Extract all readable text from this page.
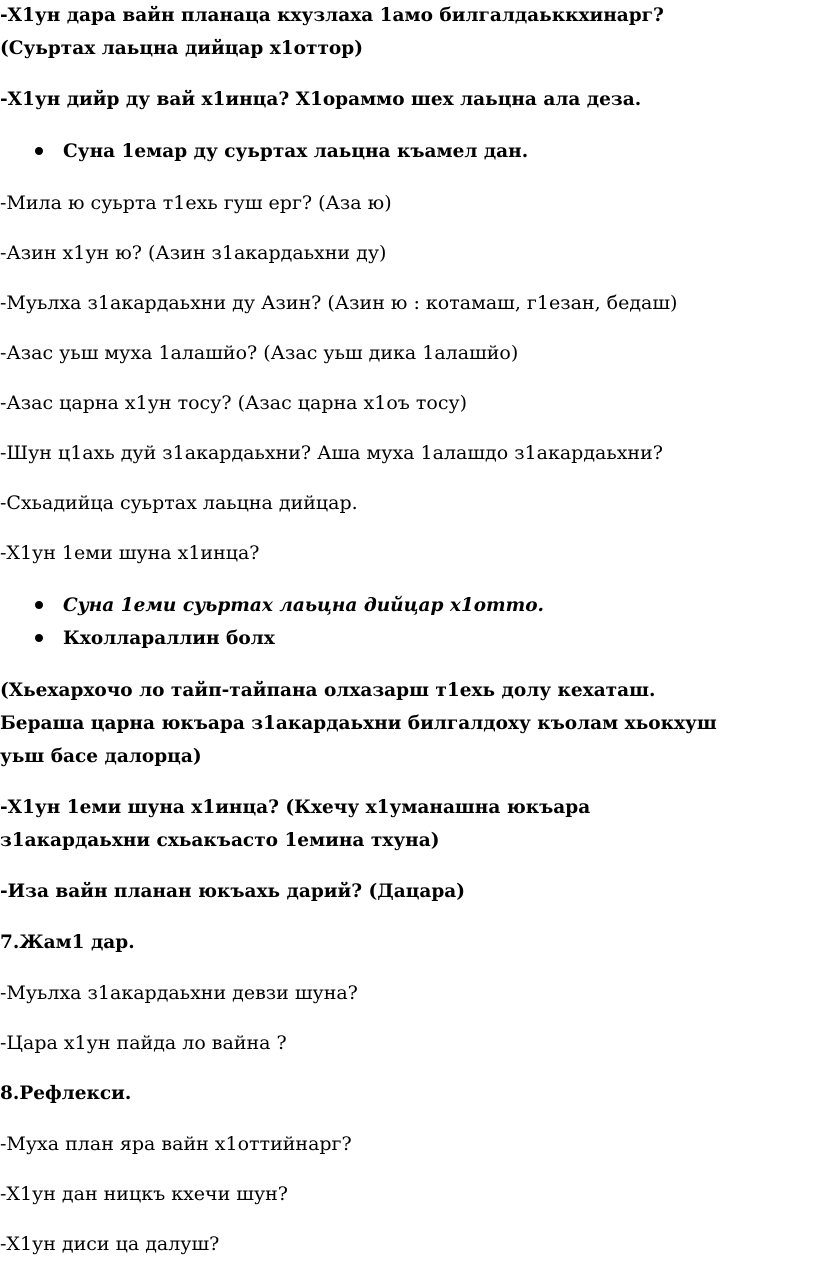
-Х1ун дара вайн планаца кхузлаха 1амо билгалдаьккхинарг?
(Суьртах лаьцна дийцар х1оттор)
-Х1ун дийр ду вай х1инца? Х1ораммо шех лаьцна ала деза.
Суна 1емар ду суьртах лаьцна къамел дан.
-Мила ю суьрта т1ехь гуш ерг? (Аза ю)
-Азин х1ун ю? (Азин з1акардаьхни ду)
-Муьлха з1акардаьхни ду Азин? (Азин ю : котамаш, г1езан, бедаш)
-Азас уьш муха 1алашйо? (Азас уьш дика 1алашйо)
-Азас царна х1ун тосу? (Азас царна х1оъ тосу)
-Шун ц1ахь дуй з1акардаьхни? Аша муха 1алашдо з1акардаьхни?
-Схьадийца суьртах лаьцна дийцар.
-Х1ун 1еми шуна х1инца?
Суна 1еми суьртах лаьцна дийцар х1отто.
Кхоллараллин болх
(Хьехархочо ло тайп-тайпана олхазарш т1ехь долу кехаташ.
Бераша царна юкъара з1акардаьхни билгалдоху къолам хьокхуш
уьш басе далорца)
-Х1ун 1еми шуна х1инца? (Кхечу х1уманашна юкъара
з1акардаьхни схьакъасто 1емина тхуна)
-Иза вайн планан юкъахь дарий? (Дацара)
7.Жам1 дар.
-Муьлха з1акардаьхни девзи шуна?
-Цара х1ун пайда ло вайна ?
8.Рефлекси.
-Муха план яра вайн х1оттийнарг?
-Х1ун дан ницкъ кхечи шун?
-Х1ун диси ца далуш?
